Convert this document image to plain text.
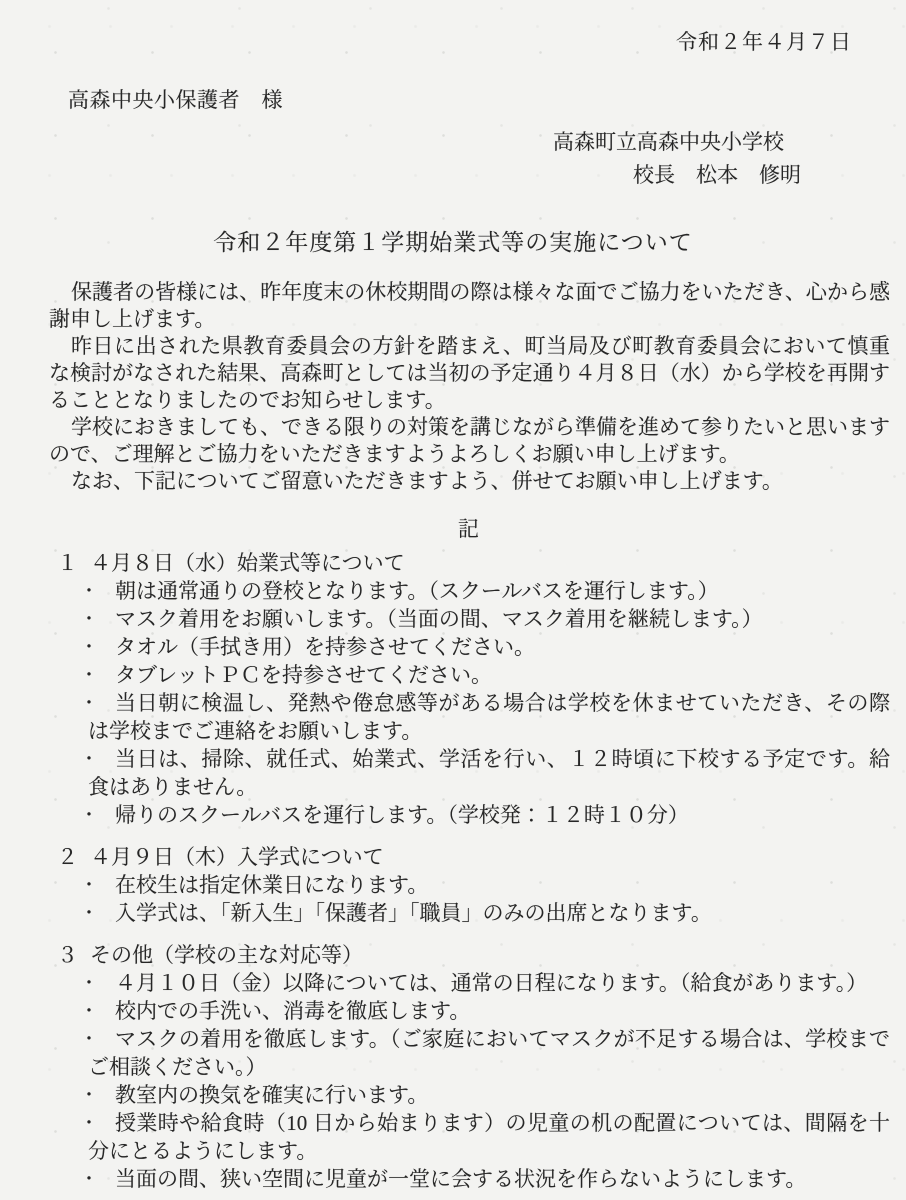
令和２年４月７日
高森中央小保護者　様
高森町立高森中央小学校
校長　松本　修明
令和２年度第１学期始業式等の実施について

保護者の皆様には、昨年度末の休校期間の際は様々な面でご協力をいただき、心から感謝申し上げます。

昨日に出された県教育委員会の方針を踏まえ、町当局及び町教育委員会において慎重な検討がなされた結果、高森町としては当初の予定通り４月８日（水）から学校を再開することとなりましたのでお知らせします。

学校におきましても、できる限りの対策を講じながら準備を進めて参りたいと思いますので、ご理解とご協力をいただきますようよろしくお願い申し上げます。

なお、下記についてご留意いただきますよう、併せてお願い申し上げます。

記
１ ４月８日（水）始業式等について
・ 朝は通常通りの登校となります。（スクールバスを運行します。）
・ マスク着用をお願いします。（当面の間、マスク着用を継続します。）
・ タオル（手拭き用）を持参させてください。
・ タブレットＰＣを持参させてください。
・ 当日朝に検温し、発熱や倦怠感等がある場合は学校を休ませていただき、その際は学校までご連絡をお願いします。
・ 当日は、掃除、就任式、始業式、学活を行い、１２時頃に下校する予定です。給食はありません。
・ 帰りのスクールバスを運行します。（学校発：１２時１０分）
２ ４月９日（木）入学式について
・ 在校生は指定休業日になります。
・ 入学式は、「新入生」「保護者」「職員」のみの出席となります。
３ その他（学校の主な対応等）
・ ４月１０日（金）以降については、通常の日程になります。（給食があります。）
・ 校内での手洗い、消毒を徹底します。
・ マスクの着用を徹底します。（ご家庭においてマスクが不足する場合は、学校までご相談ください。）
・ 教室内の換気を確実に行います。
・ 授業時や給食時（10 日から始まります）の児童の机の配置については、間隔を十分にとるようにします。
・ 当面の間、狭い空間に児童が一堂に会する状況を作らないようにします。
